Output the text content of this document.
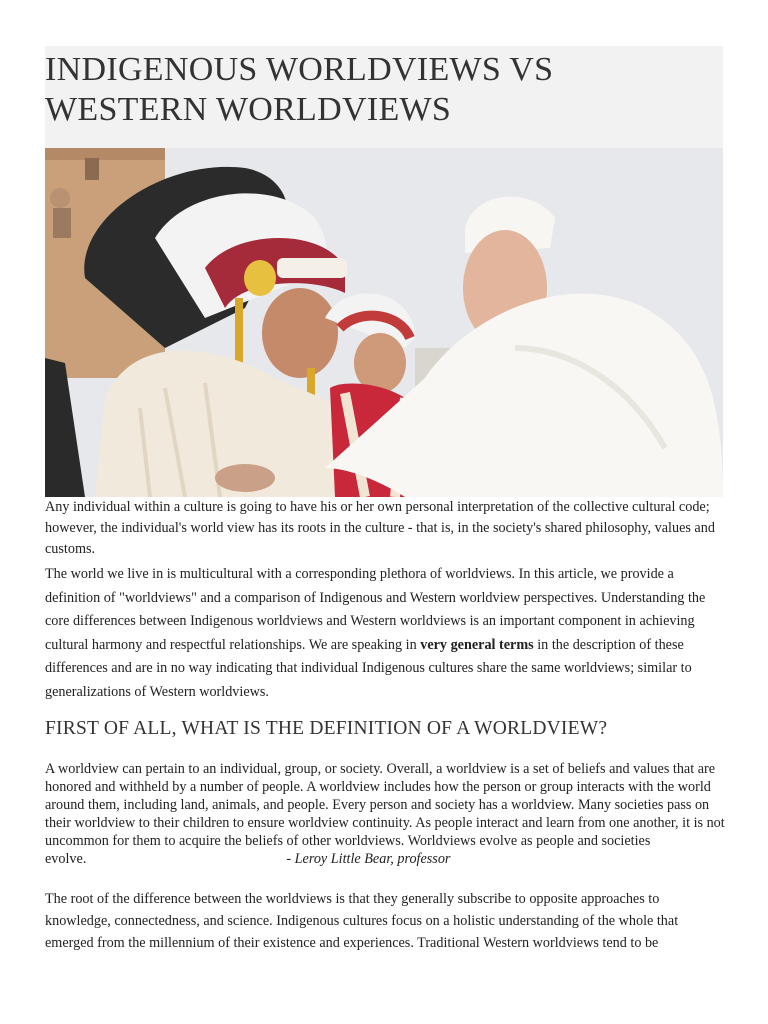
INDIGENOUS WORLDVIEWS VS WESTERN WORLDVIEWS

Any individual within a culture is going to have his or her own personal interpretation of the collective cultural code; however, the individual's world view has its roots in the culture - that is, in the society's shared philosophy, values and customs.

The world we live in is multicultural with a corresponding plethora of worldviews. In this article, we provide a definition of "worldviews" and a comparison of Indigenous and Western worldview perspectives. Understanding the core differences between Indigenous worldviews and Western worldviews is an important component in achieving cultural harmony and respectful relationships. We are speaking in very general terms in the description of these differences and are in no way indicating that individual Indigenous cultures share the same worldviews; similar to generalizations of Western worldviews.

FIRST OF ALL, WHAT IS THE DEFINITION OF A WORLDVIEW?

A worldview can pertain to an individual, group, or society. Overall, a worldview is a set of beliefs and values that are honored and withheld by a number of people. A worldview includes how the person or group interacts with the world around them, including land, animals, and people. Every person and society has a worldview. Many societies pass on their worldview to their children to ensure worldview continuity. As people interact and learn from one another, it is not uncommon for them to acquire the beliefs of other worldviews. Worldviews evolve as people and societies evolve.	- Leroy Little Bear, professor

The root of the difference between the worldviews is that they generally subscribe to opposite approaches to knowledge, connectedness, and science. Indigenous cultures focus on a holistic understanding of the whole that emerged from the millennium of their existence and experiences. Traditional Western worldviews tend to be
